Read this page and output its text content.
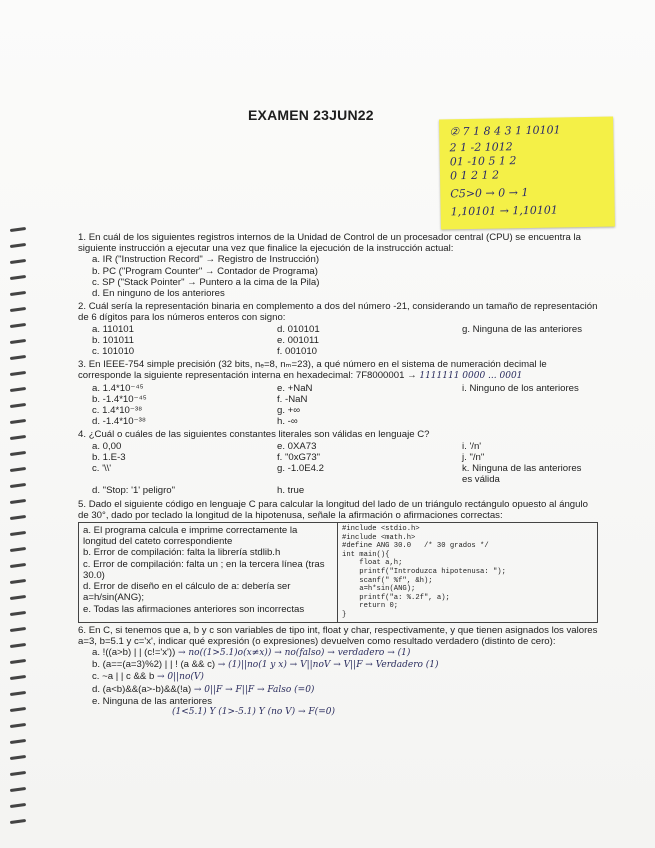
EXAMEN 23JUN22
② 7 1 8 4 3 1 10101
2 1 -2 1012
01 -10 5 1 2
0 1 2 1 2
C5>0 → 0 → 1
1,10101 → 1,10101
1. En cuál de los siguientes registros internos de la Unidad de Control de un procesador central (CPU) se encuentra la siguiente instrucción a ejecutar una vez que finalice la ejecución de la instrucción actual:
a. IR ("Instruction Record" → Registro de Instrucción)
b. PC ("Program Counter" → Contador de Programa)
c. SP ("Stack Pointer" → Puntero a la cima de la Pila)
d. En ninguno de los anteriores
2. Cuál sería la representación binaria en complemento a dos del número -21, considerando un tamaño de representación de 6 dígitos para los números enteros con signo:
a. 110101	d. 010101	g. Ninguna de las anteriores
b. 101011	e. 001011
c. 101010	f. 001010
3. En IEEE-754 simple precisión (32 bits, nₑ=8, nₘ=23), a qué número en el sistema de numeración decimal le corresponde la siguiente representación interna en hexadecimal: 7F8000001 → 1111111 0000 ... 0001
a. 1.4*10⁻⁴⁵	e. +NaN	i. Ninguno de los anteriores
b. -1.4*10⁻⁴⁵	f. -NaN
c. 1.4*10⁻³⁸	g. +∞
d. -1.4*10⁻³⁸	h. -∞
4. ¿Cuál o cuáles de las siguientes constantes literales son válidas en lenguaje C?
a. 0,00	e. 0XA73	i. '/n'
b. 1.E-3	f. "0xG73"	j. "/n"
c. '\\'	g. -1.0E4.2	k. Ninguna de las anteriores es válida
d. "Stop: '1' peligro"	h. true
5. Dado el siguiente código en lenguaje C para calcular la longitud del lado de un triángulo rectángulo opuesto al ángulo de 30°, dado por teclado la longitud de la hipotenusa, señale la afirmación o afirmaciones correctas:
a. El programa calcula e imprime correctamente la longitud del cateto correspondiente
b. Error de compilación: falta la librería stdlib.h
c. Error de compilación: falta un ; en la tercera línea (tras 30.0)
d. Error de diseño en el cálculo de a: debería ser a=h/sin(ANG);
e. Todas las afirmaciones anteriores son incorrectas
#include <stdio.h>
#include <math.h>
#define ANG 30.0   /* 30 grados */
int main(){
float a,h;
printf("Introduzca hipotenusa: ");
scanf(" %f", &h);
a=h*sin(ANG);
printf("a: %.2f", a);
return 0;
}
6. En C, si tenemos que a, b y c son variables de tipo int, float y char, respectivamente, y que tienen asignados los valores a=3, b=5.1 y c='x', indicar qué expresión (o expresiones) devuelven como resultado verdadero (distinto de cero):
a. !((a>b) | | (c!='x')) → no((1>5.1)o(x≠x)) → no(falso) → verdadero → (1)
b. (a==(a=3)%2) | | ! (a && c) → (1)||no(1 y x) → V||noV → V||F → Verdadero (1)
c. ~a | | c && b → 0||no(V)
d. (a<b)&&(a>-b)&&(!a) → 0||F → F||F → Falso (=0)
e. Ninguna de las anteriores
(1<5.1) Y (1>-5.1) Y (no V) → F(=0)
